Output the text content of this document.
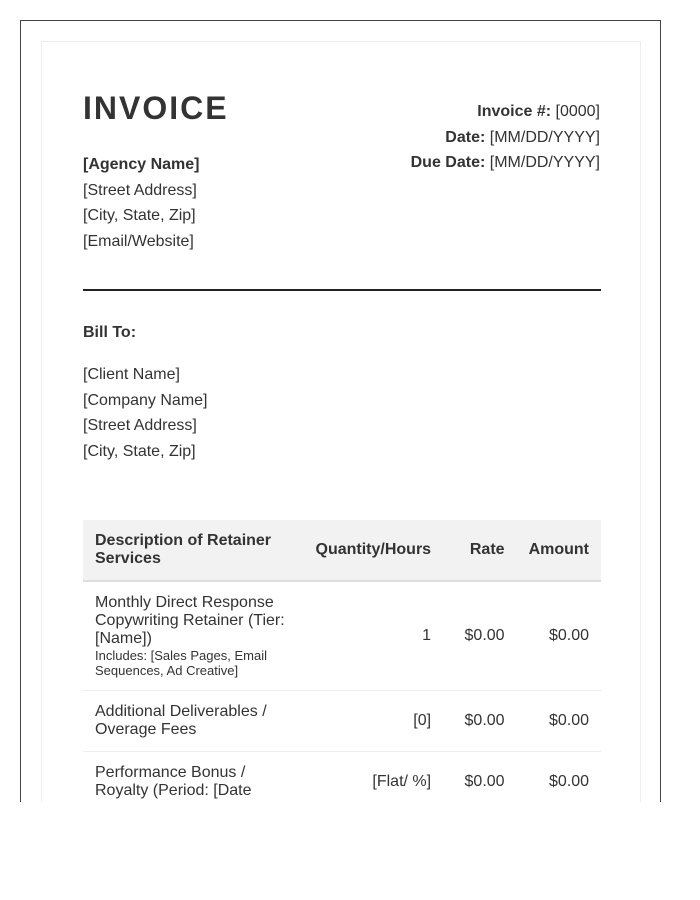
INVOICE
[Agency Name]
[Street Address]
[City, State, Zip]
[Email/Website]
Invoice #: [0000]
Date: [MM/DD/YYYY]
Due Date: [MM/DD/YYYY]
Bill To:
[Client Name]
[Company Name]
[Street Address]
[City, State, Zip]
Description of Retainer Services	Quantity/Hours	Rate	Amount
Monthly Direct Response Copywriting Retainer (Tier: [Name])
Includes: [Sales Pages, Email Sequences, Ad Creative]	1	$0.00	$0.00
Additional Deliverables / Overage Fees	[0]	$0.00	$0.00
Performance Bonus / Royalty (Period: [Date	[Flat/ %]	$0.00	$0.00
